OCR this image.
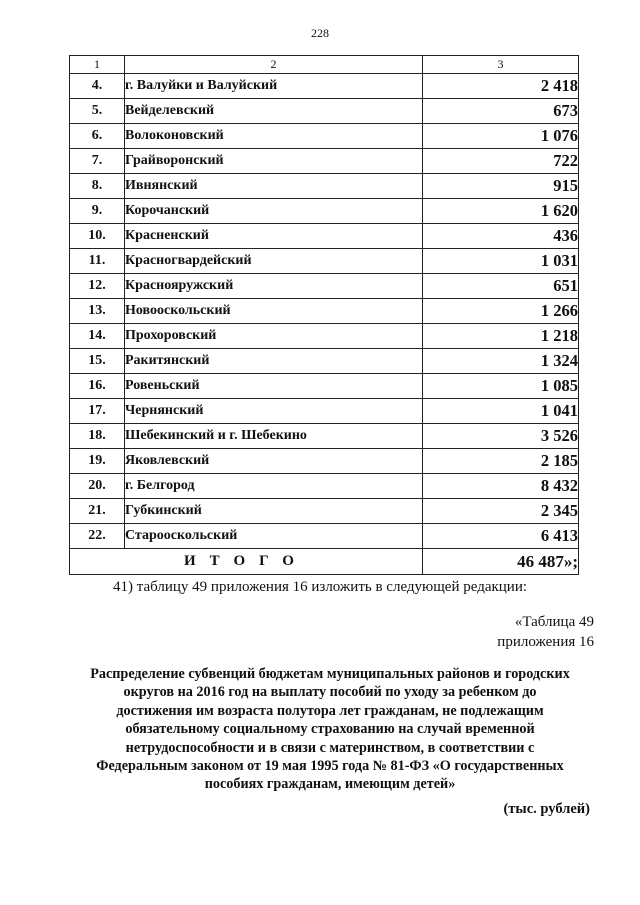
228
1	2	3
4.	г. Валуйки и Валуйский	2 418
5.	Вейделевский	673
6.	Волоконовский	1 076
7.	Грайворонский	722
8.	Ивнянский	915
9.	Корочанский	1 620
10.	Красненский	436
11.	Красногвардейский	1 031
12.	Краснояружский	651
13.	Новооскольский	1 266
14.	Прохоровский	1 218
15.	Ракитянский	1 324
16.	Ровеньский	1 085
17.	Чернянский	1 041
18.	Шебекинский и г. Шебекино	3 526
19.	Яковлевский	2 185
20.	г. Белгород	8 432
21.	Губкинский	2 345
22.	Старооскольский	6 413
ИТОГО		46 487»;
41) таблицу 49 приложения 16 изложить в следующей редакции:
«Таблица 49
приложения 16
Распределение субвенций бюджетам муниципальных районов и городских
округов на 2016 год на выплату пособий по уходу за ребенком до
достижения им возраста полутора лет гражданам, не подлежащим
обязательному социальному страхованию на случай временной
нетрудоспособности и в связи с материнством, в соответствии с
Федеральным законом от 19 мая 1995 года № 81-ФЗ «О государственных
пособиях гражданам, имеющим детей»
(тыс. рублей)
